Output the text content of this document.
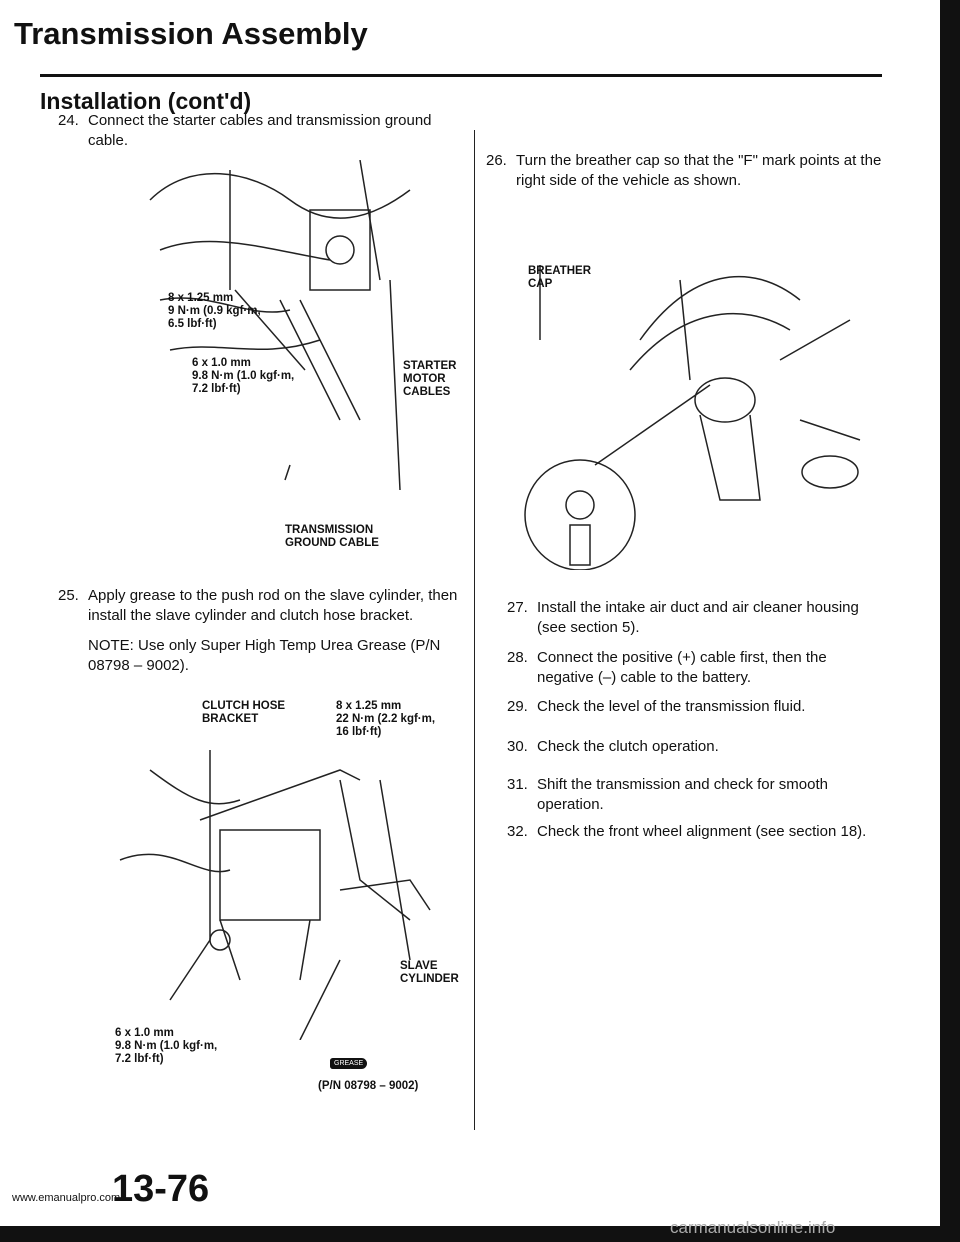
Transmission Assembly
Installation (cont'd)
24. Connect the starter cables and transmission ground cable.
8 x 1.25 mm
9 N·m (0.9 kgf·m,
6.5 lbf·ft)
6 x 1.0 mm
9.8 N·m (1.0 kgf·m,
7.2 lbf·ft)
STARTER
MOTOR
CABLES
TRANSMISSION
GROUND CABLE
25. Apply grease to the push rod on the slave cylinder, then install the slave cylinder and clutch hose bracket.
NOTE: Use only Super High Temp Urea Grease (P/N 08798 – 9002).
CLUTCH HOSE
BRACKET
8 x 1.25 mm
22 N·m (2.2 kgf·m,
16 lbf·ft)
SLAVE
CYLINDER
6 x 1.0 mm
9.8 N·m (1.0 kgf·m,
7.2 lbf·ft)	GREASE
(P/N 08798 – 9002)
26. Turn the breather cap so that the "F" mark points at the right side of the vehicle as shown.
BREATHER
CAP
27. Install the intake air duct and air cleaner housing (see section 5).
28. Connect the positive (+) cable first, then the negative (–) cable to the battery.
29. Check the level of the transmission fluid.
30. Check the clutch operation.
31. Shift the transmission and check for smooth operation.
32. Check the front wheel alignment (see section 18).
www.emanualpro.com
13-76
carmanualsonline.info
